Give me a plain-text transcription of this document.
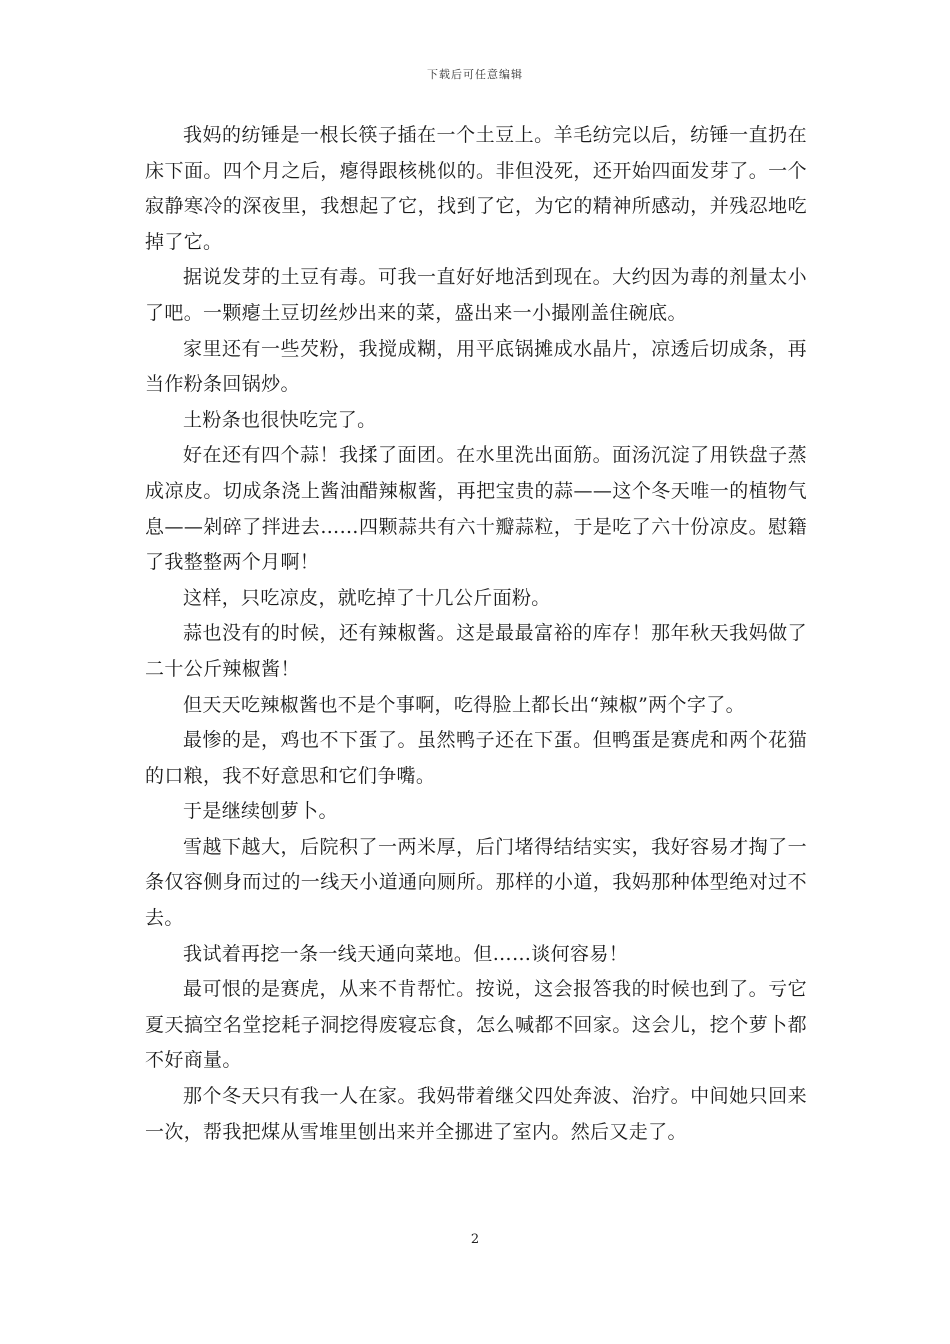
下载后可任意编辑

我妈的纺锤是一根长筷子插在一个土豆上。羊毛纺完以后，纺锤一直扔在床下面。四个月之后，瘪得跟核桃似的。非但没死，还开始四面发芽了。一个寂静寒冷的深夜里，我想起了它，找到了它，为它的精神所感动，并残忍地吃掉了它。

据说发芽的土豆有毒。可我一直好好地活到现在。大约因为毒的剂量太小了吧。一颗瘪土豆切丝炒出来的菜，盛出来一小撮刚盖住碗底。

家里还有一些芡粉，我搅成糊，用平底锅摊成水晶片，凉透后切成条，再当作粉条回锅炒。

土粉条也很快吃完了。

好在还有四个蒜！我揉了面团。在水里洗出面筋。面汤沉淀了用铁盘子蒸成凉皮。切成条浇上酱油醋辣椒酱，再把宝贵的蒜——这个冬天唯一的植物气息——剁碎了拌进去……四颗蒜共有六十瓣蒜粒，于是吃了六十份凉皮。慰籍了我整整两个月啊！

这样，只吃凉皮，就吃掉了十几公斤面粉。

蒜也没有的时候，还有辣椒酱。这是最最富裕的库存！那年秋天我妈做了二十公斤辣椒酱！

但天天吃辣椒酱也不是个事啊，吃得脸上都长出“辣椒”两个字了。

最惨的是，鸡也不下蛋了。虽然鸭子还在下蛋。但鸭蛋是赛虎和两个花猫的口粮，我不好意思和它们争嘴。

于是继续刨萝卜。

雪越下越大，后院积了一两米厚，后门堵得结结实实，我好容易才掏了一条仅容侧身而过的一线天小道通向厕所。那样的小道，我妈那种体型绝对过不去。

我试着再挖一条一线天通向菜地。但……谈何容易！

最可恨的是赛虎，从来不肯帮忙。按说，这会报答我的时候也到了。亏它夏天搞空名堂挖耗子洞挖得废寝忘食，怎么喊都不回家。这会儿，挖个萝卜都不好商量。

那个冬天只有我一人在家。我妈带着继父四处奔波、治疗。中间她只回来一次，帮我把煤从雪堆里刨出来并全挪进了室内。然后又走了。

2
